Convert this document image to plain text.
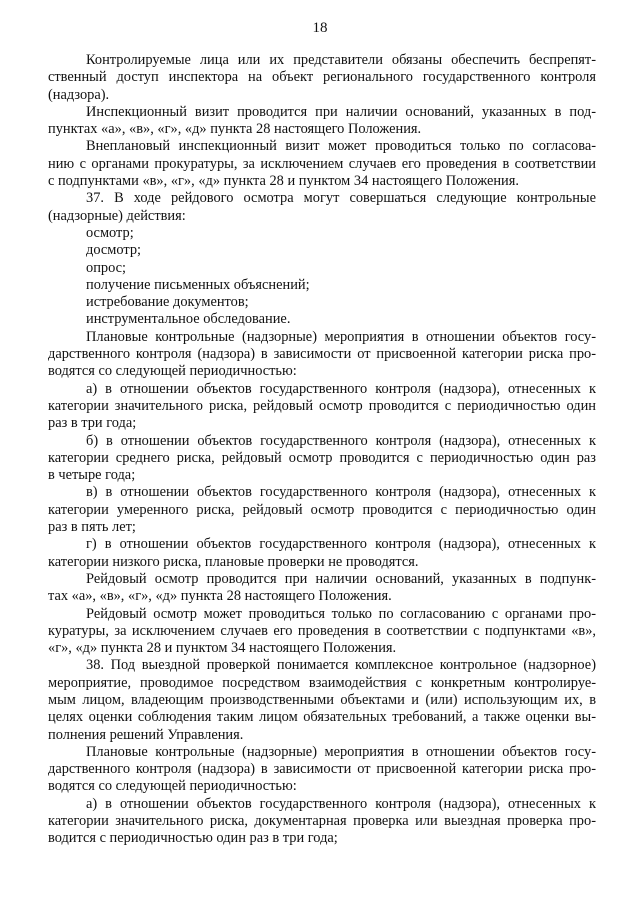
18

Контролируемые лица или их представители обязаны обеспечить беспрепят-
ственный доступ инспектора на объект регионального государственного контроля
(надзора).

Инспекционный визит проводится при наличии оснований, указанных в под-
пунктах «а», «в», «г», «д» пункта 28 настоящего Положения.

Внеплановый инспекционный визит может проводиться только по согласова-
нию с органами прокуратуры, за исключением случаев его проведения в соответствии
с подпунктами «в», «г», «д» пункта 28 и пунктом 34 настоящего Положения.

37. В ходе рейдового осмотра могут совершаться следующие контрольные
(надзорные) действия:

осмотр;

досмотр;

опрос;

получение письменных объяснений;

истребование документов;

инструментальное обследование.

Плановые контрольные (надзорные) мероприятия в отношении объектов госу-
дарственного контроля (надзора) в зависимости от присвоенной категории риска про-
водятся со следующей периодичностью:

а) в отношении объектов государственного контроля (надзора), отнесенных к
категории значительного риска, рейдовый осмотр проводится с периодичностью один
раз в три года;

б) в отношении объектов государственного контроля (надзора), отнесенных к
категории среднего риска, рейдовый осмотр проводится с периодичностью один раз
в четыре года;

в) в отношении объектов государственного контроля (надзора), отнесенных к
категории умеренного риска, рейдовый осмотр проводится с периодичностью один
раз в пять лет;

г) в отношении объектов государственного контроля (надзора), отнесенных к
категории низкого риска, плановые проверки не проводятся.

Рейдовый осмотр проводится при наличии оснований, указанных в подпунк-
тах «а», «в», «г», «д» пункта 28 настоящего Положения.

Рейдовый осмотр может проводиться только по согласованию с органами про-
куратуры, за исключением случаев его проведения в соответствии с подпунктами «в»,
«г», «д» пункта 28 и пунктом 34 настоящего Положения.

38. Под выездной проверкой понимается комплексное контрольное (надзорное)
мероприятие, проводимое посредством взаимодействия с конкретным контролируе-
мым лицом, владеющим производственными объектами и (или) использующим их, в
целях оценки соблюдения таким лицом обязательных требований, а также оценки вы-
полнения решений Управления.

Плановые контрольные (надзорные) мероприятия в отношении объектов госу-
дарственного контроля (надзора) в зависимости от присвоенной категории риска про-
водятся со следующей периодичностью:

а) в отношении объектов государственного контроля (надзора), отнесенных к
категории значительного риска, документарная проверка или выездная проверка про-
водится с периодичностью один раз в три года;
